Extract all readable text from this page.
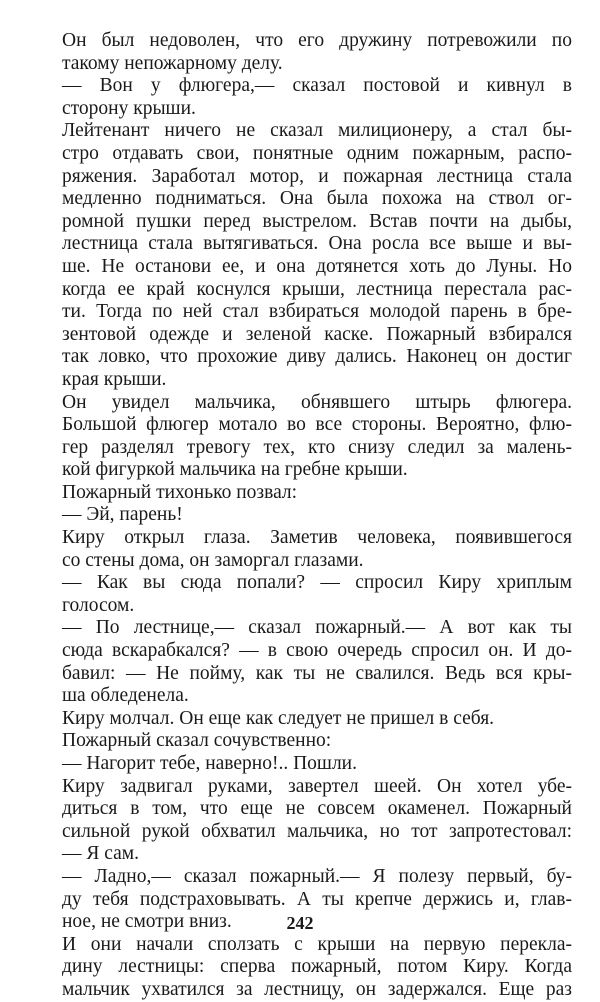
Он был недоволен, что его дружину потревожили по
такому непожарному делу.
— Вон у флюгера,— сказал постовой и кивнул в
сторону крыши.
Лейтенант ничего не сказал милиционеру, а стал бы-
стро отдавать свои, понятные одним пожарным, распо-
ряжения. Заработал мотор, и пожарная лестница стала
медленно подниматься. Она была похожа на ствол ог-
ромной пушки перед выстрелом. Встав почти на дыбы,
лестница стала вытягиваться. Она росла все выше и вы-
ше. Не останови ее, и она дотянется хоть до Луны. Но
когда ее край коснулся крыши, лестница перестала рас-
ти. Тогда по ней стал взбираться молодой парень в бре-
зентовой одежде и зеленой каске. Пожарный взбирался
так ловко, что прохожие диву дались. Наконец он достиг
края крыши.
Он увидел мальчика, обнявшего штырь флюгера.
Большой флюгер мотало во все стороны. Вероятно, флю-
гер разделял тревогу тех, кто снизу следил за малень-
кой фигуркой мальчика на гребне крыши.
Пожарный тихонько позвал:
— Эй, парень!
Киру открыл глаза. Заметив человека, появившегося
со стены дома, он заморгал глазами.
— Как вы сюда попали? — спросил Киру хриплым
голосом.
— По лестнице,— сказал пожарный.— А вот как ты
сюда вскарабкался? — в свою очередь спросил он. И до-
бавил: — Не пойму, как ты не свалился. Ведь вся кры-
ша обледенела.
Киру молчал. Он еще как следует не пришел в себя.
Пожарный сказал сочувственно:
— Нагорит тебе, наверно!.. Пошли.
Киру задвигал руками, завертел шеей. Он хотел убе-
диться в том, что еще не совсем окаменел. Пожарный
сильной рукой обхватил мальчика, но тот запротестовал:
— Я сам.
— Ладно,— сказал пожарный.— Я полезу первый, бу-
ду тебя подстраховывать. А ты крепче держись и, глав-
ное, не смотри вниз.
И они начали сползать с крыши на первую перекла-
дину лестницы: сперва пожарный, потом Киру. Когда
мальчик ухватился за лестницу, он задержался. Еще раз
242
